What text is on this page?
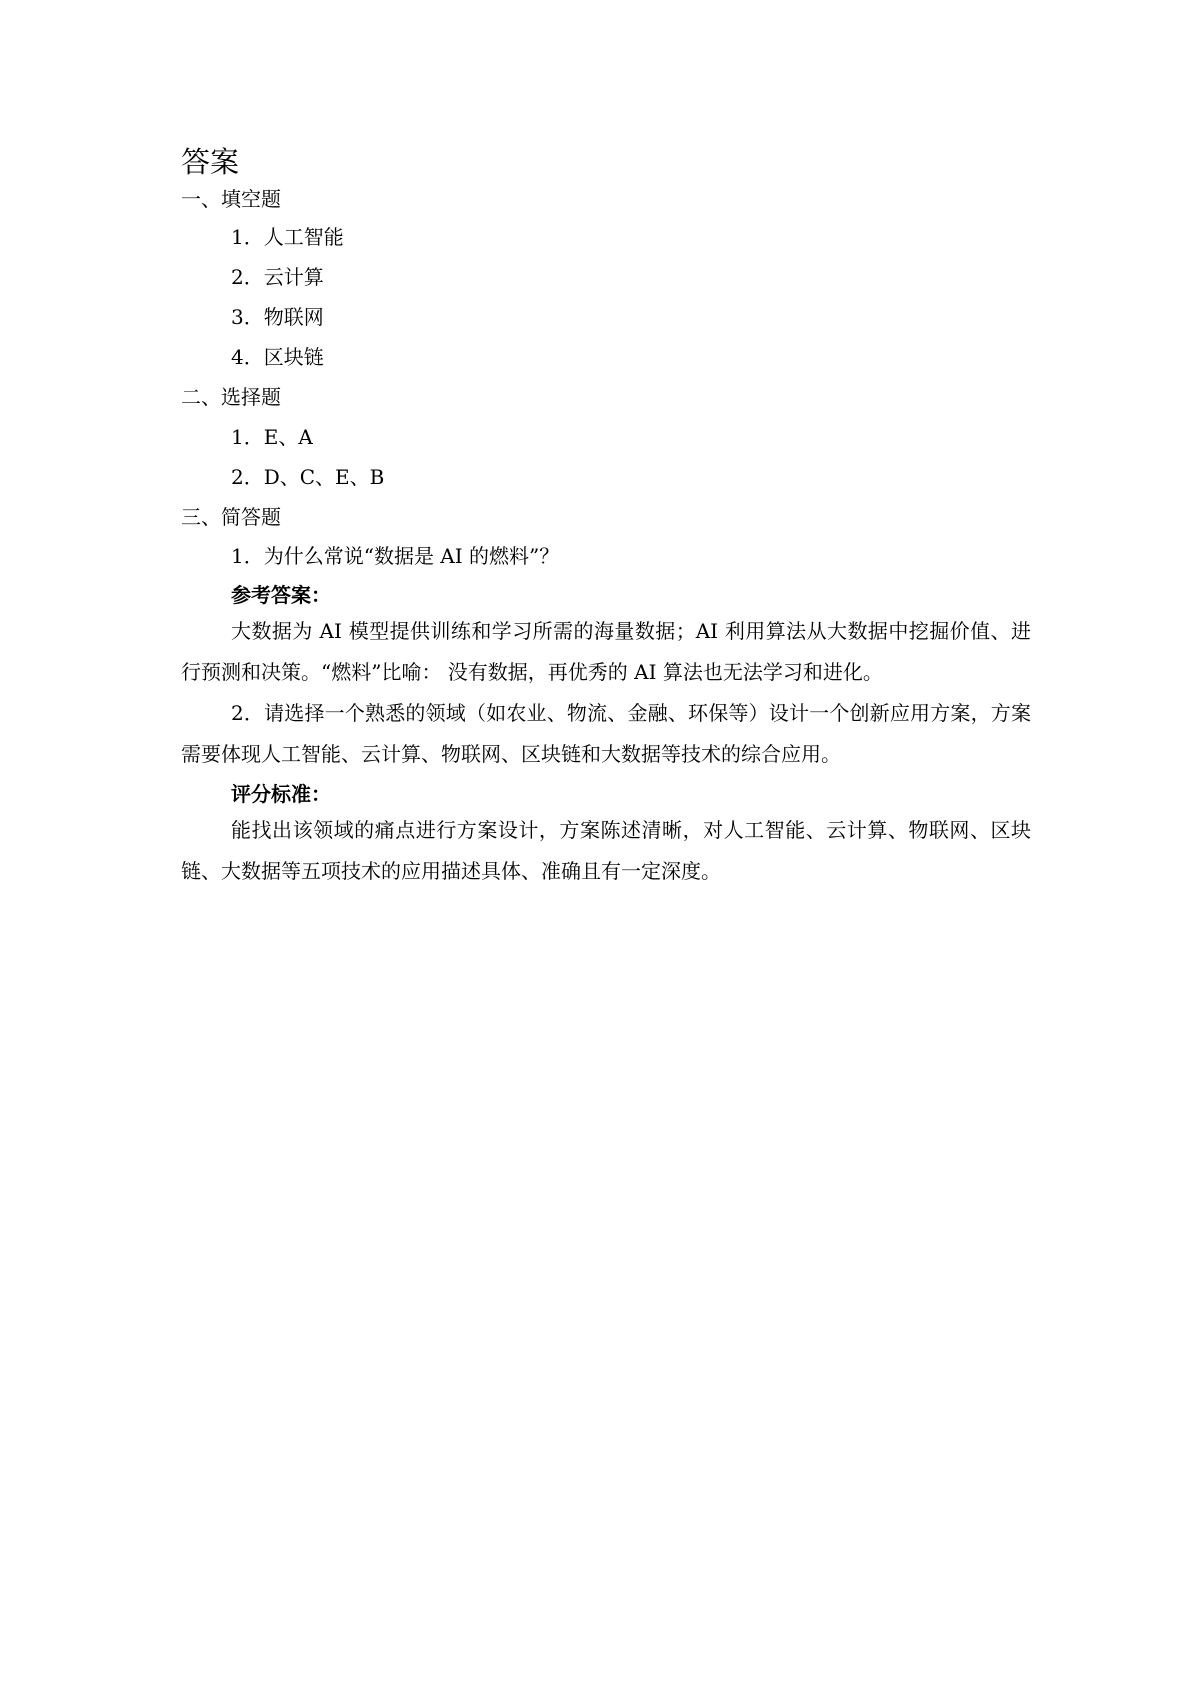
答案
一、填空题
1．人工智能
2．云计算
3．物联网
4．区块链
二、选择题
1．E、A
2．D、C、E、B
三、简答题
1．为什么常说“数据是 AI 的燃料”？
参考答案：
大数据为 AI 模型提供训练和学习所需的海量数据；AI 利用算法从大数据中挖掘价值、进行预测和决策。“燃料”比喻： 没有数据，再优秀的 AI 算法也无法学习和进化。
2．请选择一个熟悉的领域（如农业、物流、金融、环保等）设计一个创新应用方案，方案需要体现人工智能、云计算、物联网、区块链和大数据等技术的综合应用。
评分标准：
能找出该领域的痛点进行方案设计，方案陈述清晰，对人工智能、云计算、物联网、区块链、大数据等五项技术的应用描述具体、准确且有一定深度。
